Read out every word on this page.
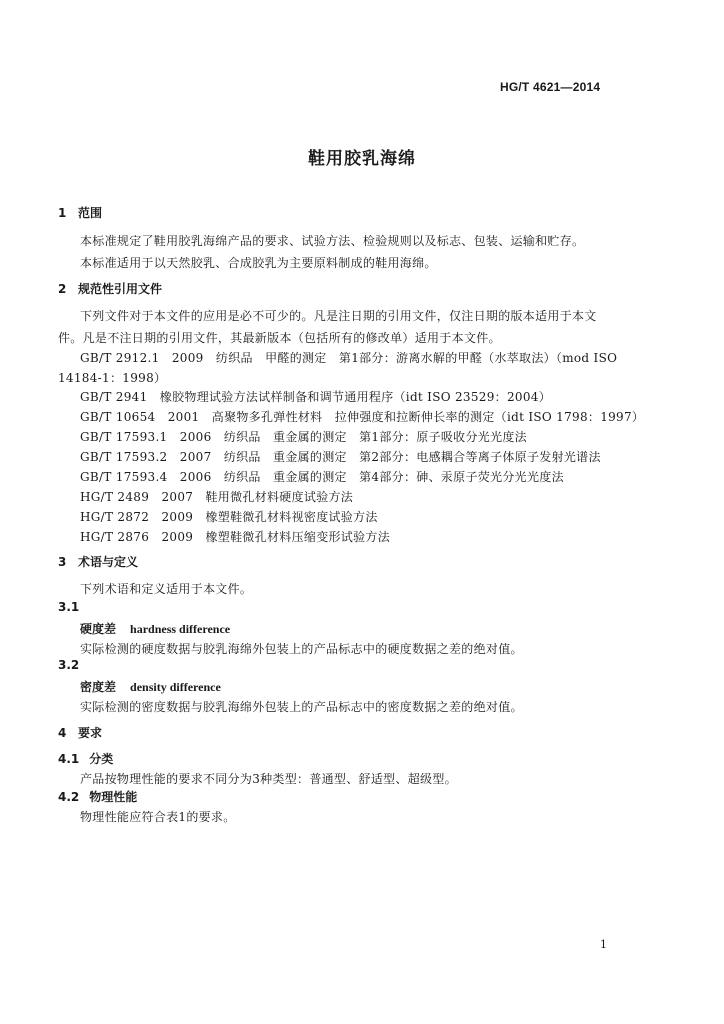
HG/T 4621—2014
鞋用胶乳海绵
1 范围
本标准规定了鞋用胶乳海绵产品的要求、试验方法、检验规则以及标志、包装、运输和贮存。
本标准适用于以天然胶乳、合成胶乳为主要原料制成的鞋用海绵。
2 规范性引用文件
下列文件对于本文件的应用是必不可少的。凡是注日期的引用文件，仅注日期的版本适用于本文
件。凡是不注日期的引用文件，其最新版本（包括所有的修改单）适用于本文件。
GB/T 2912.1　2009　纺织品　甲醛的测定　第1部分：游离水解的甲醛（水萃取法）（mod ISO
14184-1：1998）
GB/T 2941　橡胶物理试验方法试样制备和调节通用程序（idt ISO 23529：2004）
GB/T 10654　2001　高聚物多孔弹性材料　拉伸强度和拉断伸长率的测定（idt ISO 1798：1997）
GB/T 17593.1　2006　纺织品　重金属的测定　第1部分：原子吸收分光光度法
GB/T 17593.2　2007　纺织品　重金属的测定　第2部分：电感耦合等离子体原子发射光谱法
GB/T 17593.4　2006　纺织品　重金属的测定　第4部分：砷、汞原子荧光分光光度法
HG/T 2489　2007　鞋用微孔材料硬度试验方法
HG/T 2872　2009　橡塑鞋微孔材料视密度试验方法
HG/T 2876　2009　橡塑鞋微孔材料压缩变形试验方法
3 术语与定义
下列术语和定义适用于本文件。
3.1
硬度差 hardness difference
实际检测的硬度数据与胶乳海绵外包装上的产品标志中的硬度数据之差的绝对值。
3.2
密度差 density difference
实际检测的密度数据与胶乳海绵外包装上的产品标志中的密度数据之差的绝对值。
4 要求
4.1 分类
产品按物理性能的要求不同分为3种类型：普通型、舒适型、超级型。
4.2 物理性能
物理性能应符合表1的要求。
1
